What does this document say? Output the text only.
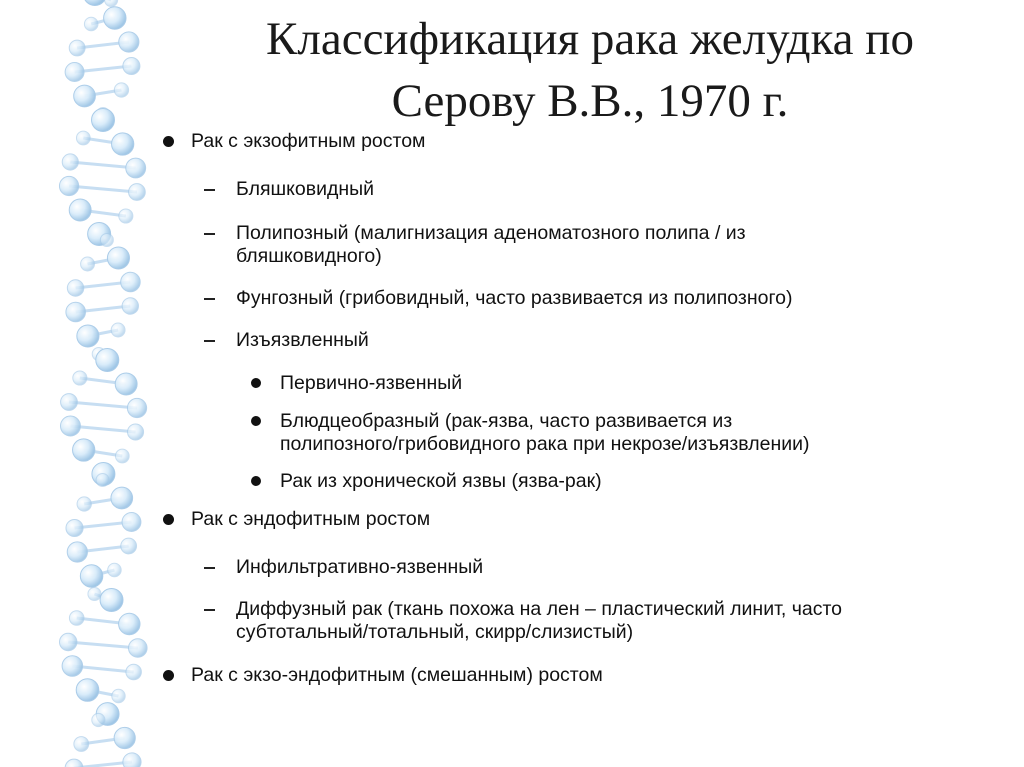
Классификация рака желудка по
Серову В.В., 1970 г.
Рак с экзофитным ростом
Бляшковидный
Полипозный (малигнизация аденоматозного полипа / из
бляшковидного)
Фунгозный (грибовидный, часто развивается из полипозного)
Изъязвленный
Первично-язвенный
Блюдцеобразный (рак-язва, часто развивается из
полипозного/грибовидного рака при некрозе/изъязвлении)
Рак из хронической язвы (язва-рак)
Рак с эндофитным ростом
Инфильтративно-язвенный
Диффузный рак (ткань похожа на лен – пластический линит, часто
субтотальный/тотальный, скирр/слизистый)
Рак с экзо-эндофитным (смешанным) ростом
